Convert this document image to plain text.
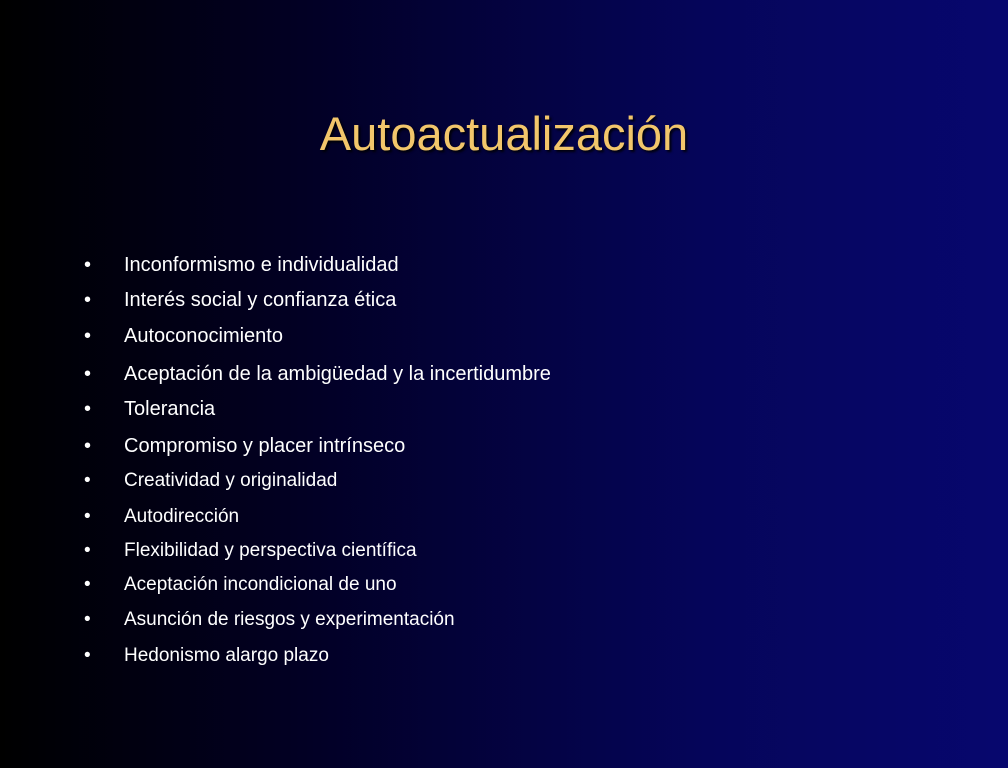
Autoactualización
• Inconformismo e individualidad
• Interés social y confianza ética
• Autoconocimiento
• Aceptación de la ambigüedad y la incertidumbre
• Tolerancia
• Compromiso y placer intrínseco
• Creatividad y originalidad
• Autodirección
• Flexibilidad y perspectiva científica
• Aceptación incondicional de uno
• Asunción de riesgos y experimentación
• Hedonismo alargo plazo
